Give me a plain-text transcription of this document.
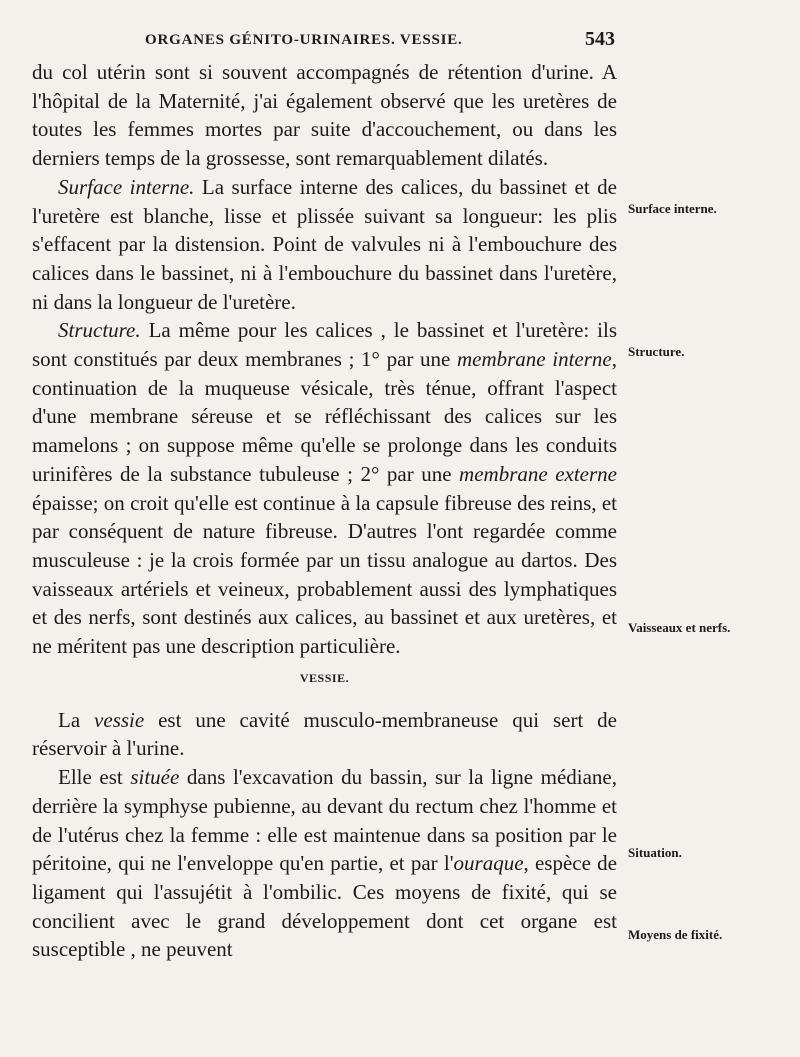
ORGANES GÉNITO-URINAIRES. VESSIE.	543

du col utérin sont si souvent accompagnés de rétention d'urine. A l'hôpital de la Maternité, j'ai également observé que les uretères de toutes les femmes mortes par suite d'accouchement, ou dans les derniers temps de la grossesse, sont remarquablement dilatés.

Surface interne. La surface interne des calices, du bassinet et de l'uretère est blanche, lisse et plissée suivant sa longueur: les plis s'effacent par la distension. Point de valvules ni à l'embouchure des calices dans le bassinet, ni à l'embouchure du bassinet dans l'uretère, ni dans la longueur de l'uretère.

Structure. La même pour les calices , le bassinet et l'uretère: ils sont constitués par deux membranes ; 1° par une membrane interne, continuation de la muqueuse vésicale, très ténue, offrant l'aspect d'une membrane séreuse et se réfléchissant des calices sur les mamelons ; on suppose même qu'elle se prolonge dans les conduits urinifères de la substance tubuleuse ; 2° par une membrane externe épaisse; on croit qu'elle est continue à la capsule fibreuse des reins, et par conséquent de nature fibreuse. D'autres l'ont regardée comme musculeuse : je la crois formée par un tissu analogue au dartos. Des vaisseaux artériels et veineux, probablement aussi des lymphatiques et des nerfs, sont destinés aux calices, au bassinet et aux uretères, et ne méritent pas une description particulière.

VESSIE.

La vessie est une cavité musculo-membraneuse qui sert de réservoir à l'urine.

Elle est située dans l'excavation du bassin, sur la ligne médiane, derrière la symphyse pubienne, au devant du rectum chez l'homme et de l'utérus chez la femme : elle est maintenue dans sa position par le péritoine, qui ne l'enveloppe qu'en partie, et par l'ouraque, espèce de ligament qui l'assujétit à l'ombilic. Ces moyens de fixité, qui se concilient avec le grand développement dont cet organe est susceptible , ne peuvent

Surface interne.
Structure.
Vaisseaux et nerfs.
Situation.
Moyens de fixité.
